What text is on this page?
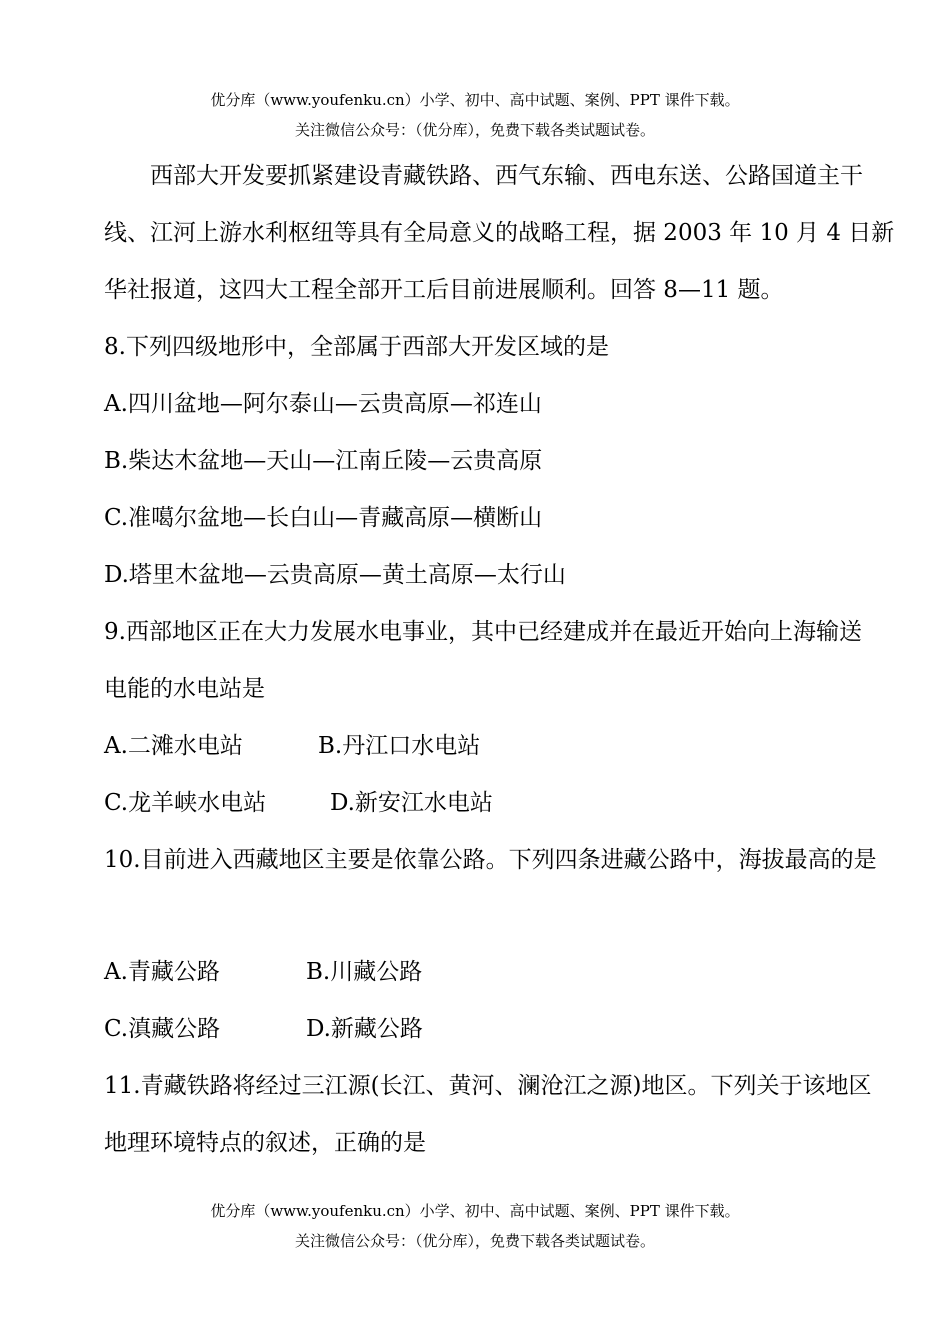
优分库（www.youfenku.cn）小学、初中、高中试题、案例、PPT 课件下载。
关注微信公众号：（优分库），免费下载各类试题试卷。
西部大开发要抓紧建设青藏铁路、西气东输、西电东送、公路国道主干
线、江河上游水利枢纽等具有全局意义的战略工程，据 2003 年 10 月 4 日新
华社报道，这四大工程全部开工后目前进展顺利。回答 8—11 题。
8.下列四级地形中，全部属于西部大开发区域的是
A.四川盆地—阿尔泰山—云贵高原—祁连山
B.柴达木盆地—天山—江南丘陵—云贵高原
C.准噶尔盆地—长白山—青藏高原—横断山
D.塔里木盆地—云贵高原—黄土高原—太行山
9.西部地区正在大力发展水电事业，其中已经建成并在最近开始向上海输送
电能的水电站是
A.二滩水电站	B.丹江口水电站
C.龙羊峡水电站	D.新安江水电站
10.目前进入西藏地区主要是依靠公路。下列四条进藏公路中，海拔最高的是
A.青藏公路	B.川藏公路
C.滇藏公路	D.新藏公路
11.青藏铁路将经过三江源(长江、黄河、澜沧江之源)地区。下列关于该地区
地理环境特点的叙述，正确的是
优分库（www.youfenku.cn）小学、初中、高中试题、案例、PPT 课件下载。
关注微信公众号：（优分库），免费下载各类试题试卷。
